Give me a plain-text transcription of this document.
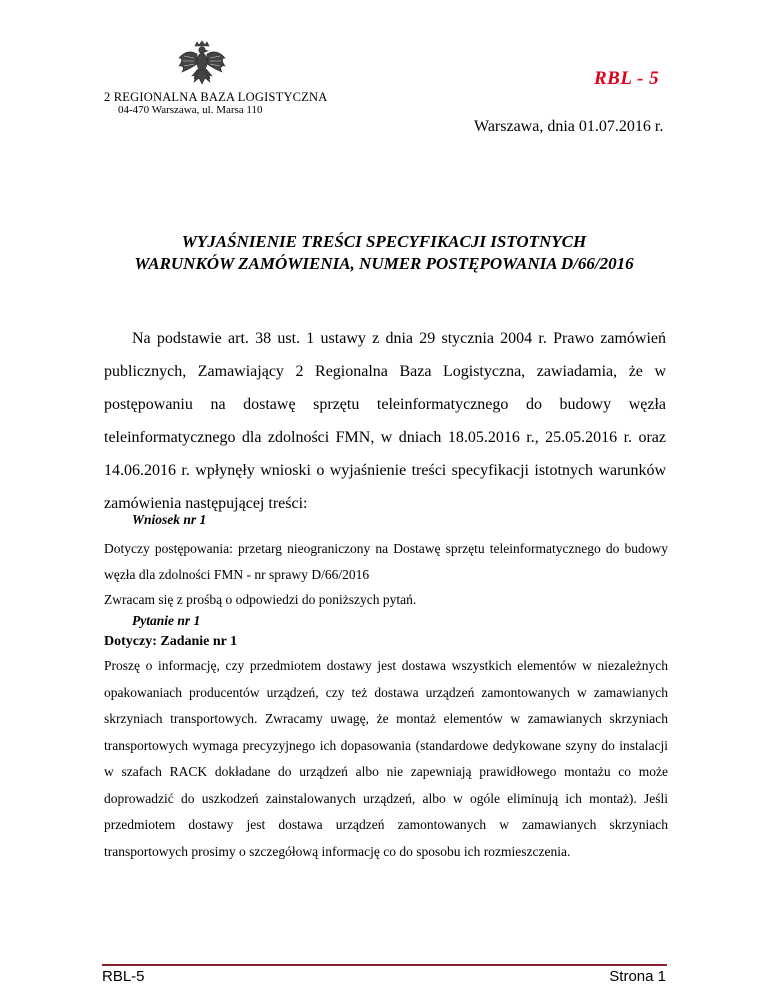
2 REGIONALNA BAZA LOGISTYCZNA
04-470 Warszawa, ul. Marsa 110
RBL - 5
Warszawa, dnia 01.07.2016 r.
WYJAŚNIENIE TREŚCI SPECYFIKACJI ISTOTNYCH
WARUNKÓW ZAMÓWIENIA, NUMER POSTĘPOWANIA D/66/2016

Na podstawie art. 38 ust. 1 ustawy z dnia 29 stycznia 2004 r. Prawo zamówień publicznych, Zamawiający 2 Regionalna Baza Logistyczna, zawiadamia, że w postępowaniu na dostawę sprzętu teleinformatycznego do budowy węzła teleinformatycznego dla zdolności FMN, w dniach 18.05.2016 r., 25.05.2016 r. oraz 14.06.2016 r. wpłynęły wnioski o wyjaśnienie treści specyfikacji istotnych warunków zamówienia następującej treści:

Wniosek nr 1
Dotyczy postępowania: przetarg nieograniczony na Dostawę sprzętu teleinformatycznego do budowy węzła dla zdolności FMN - nr sprawy D/66/2016
Zwracam się z prośbą o odpowiedzi do poniższych pytań.
Pytanie nr 1
Dotyczy: Zadanie nr 1
Proszę o informację, czy przedmiotem dostawy jest dostawa wszystkich elementów w niezależnych opakowaniach producentów urządzeń, czy też dostawa urządzeń zamontowanych w zamawianych skrzyniach transportowych. Zwracamy uwagę, że montaż elementów w zamawianych skrzyniach transportowych wymaga precyzyjnego ich dopasowania (standardowe dedykowane szyny do instalacji w szafach RACK dokładane do urządzeń albo nie zapewniają prawidłowego montażu co może doprowadzić do uszkodzeń zainstalowanych urządzeń, albo w ogóle eliminują ich montaż). Jeśli przedmiotem dostawy jest dostawa urządzeń zamontowanych w zamawianych skrzyniach transportowych prosimy o szczegółową informację co do sposobu ich rozmieszczenia.
RBL-5	Strona 1
